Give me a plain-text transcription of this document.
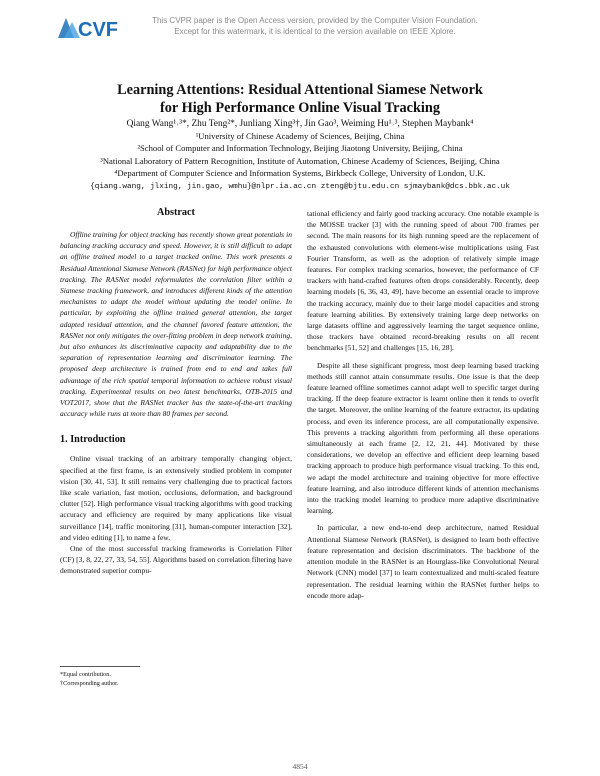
CVF	This CVPR paper is the Open Access version, provided by the Computer Vision Foundation.
Except for this watermark, it is identical to the version available on IEEE Xplore.
Learning Attentions: Residual Attentional Siamese Network
for High Performance Online Visual Tracking
Qiang Wang¹˒³*, Zhu Teng²*, Junliang Xing³†, Jin Gao³, Weiming Hu¹˒³, Stephen Maybank⁴
¹University of Chinese Academy of Sciences, Beijing, China
²School of Computer and Information Technology, Beijing Jiaotong University, Beijing, China
³National Laboratory of Pattern Recognition, Institute of Automation, Chinese Academy of Sciences, Beijing, China
⁴Department of Computer Science and Information Systems, Birkbeck College, University of London, U.K.
{qiang.wang, jlxing, jin.gao, wmhu}@nlpr.ia.ac.cn zteng@bjtu.edu.cn sjmaybank@dcs.bbk.ac.uk
Abstract

Offline training for object tracking has recently shown great potentials in balancing tracking accuracy and speed. However, it is still difficult to adapt an offline trained model to a target tracked online. This work presents a Residual Attentional Siamese Network (RASNet) for high performance object tracking. The RASNet model reformulates the correlation filter within a Siamese tracking framework, and introduces different kinds of the attention mechanisms to adapt the model without updating the model online. In particular, by exploiting the offline trained general attention, the target adapted residual attention, and the channel favored feature attention, the RASNet not only mitigates the over-fitting problem in deep network training, but also enhances its discriminative capacity and adaptability due to the separation of representation learning and discriminator learning. The proposed deep architecture is trained from end to end and takes full advantage of the rich spatial temporal information to achieve robust visual tracking. Experimental results on two latest benchmarks, OTB-2015 and VOT2017, show that the RASNet tracker has the state-of-the-art tracking accuracy while runs at more than 80 frames per second.

1. Introduction

Online visual tracking of an arbitrary temporally changing object, specified at the first frame, is an extensively studied problem in computer vision [30, 41, 53]. It still remains very challenging due to practical factors like scale variation, fast motion, occlusions, deformation, and background clutter [52]. High performance visual tracking algorithms with good tracking accuracy and efficiency are required by many applications like visual surveillance [14], traffic monitoring [31], human-computer interaction [32], and video editing [1], to name a few.

One of the most successful tracking frameworks is Correlation Filter (CF) [3, 8, 22, 27, 33, 54, 55]. Algorithms based on correlation filtering have demonstrated superior compu-

tational efficiency and fairly good tracking accuracy. One notable example is the MOSSE tracker [3] with the running speed of about 700 frames per second. The main reasons for its high running speed are the replacement of the exhausted convolutions with element-wise multiplications using Fast Fourier Transform, as well as the adoption of relatively simple image features. For complex tracking scenarios, however, the performance of CF trackers with hand-crafted features often drops considerably. Recently, deep learning models [6, 36, 43, 49], have become an essential oracle to improve the tracking accuracy, mainly due to their large model capacities and strong feature learning abilities. By extensively training large deep networks on large datasets offline and aggressively learning the target sequence online, those trackers have obtained record-breaking results on all recent benchmarks [51, 52] and challenges [15, 16, 28].

Despite all these significant progress, most deep learning based tracking methods still cannot attain consummate results. One issue is that the deep feature learned offline sometimes cannot adapt well to specific target during tracking. If the deep feature extractor is learnt online then it tends to overfit the target. Moreover, the online learning of the feature extractor, its updating process, and even its inference process, are all computationally expensive. This prevents a tracking algorithm from performing all these operations simultaneously at each frame [2, 12, 21, 44]. Motivated by these considerations, we develop an effective and efficient deep learning based tracking approach to produce high performance visual tracking. To this end, we adapt the model architecture and training objective for more effective feature learning, and also introduce different kinds of attention mechanisms into the tracking model learning to produce more adaptive discriminative learning.

In particular, a new end-to-end deep architecture, named Residual Attentional Siamese Network (RASNet), is designed to learn both effective feature representation and decision discriminators. The backbone of the attention module in the RASNet is an Hourglass-like Convolutional Neural Network (CNN) model [37] to learn contextualized and multi-scaled feature representation. The residual learning within the RASNet further helps to encode more adap-

*Equal contribution.
†Corresponding author.
4854
